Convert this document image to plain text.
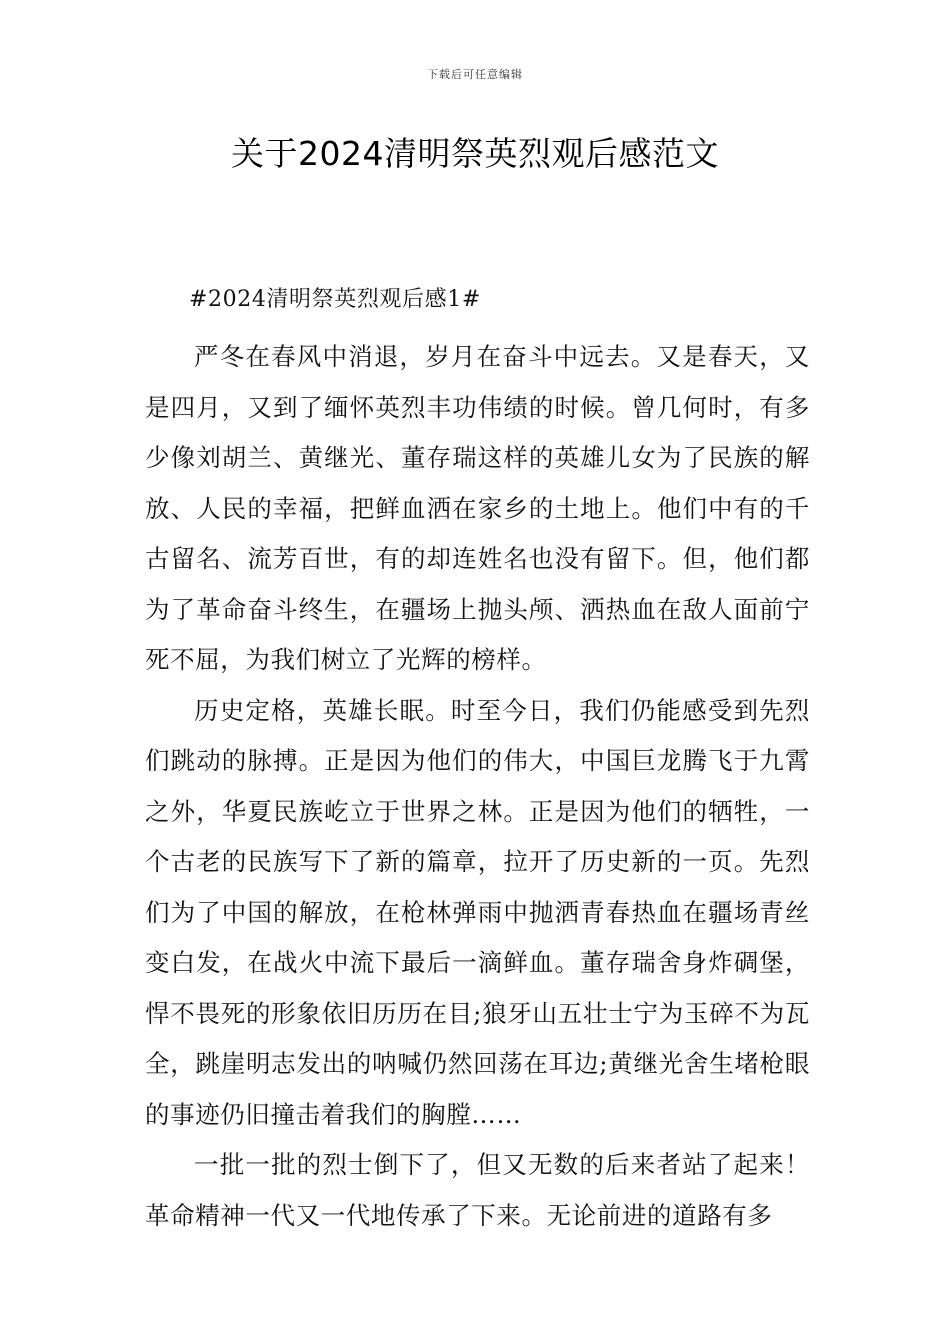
下载后可任意编辑
关于2024清明祭英烈观后感范文
#2024清明祭英烈观后感1#

严冬在春风中消退，岁月在奋斗中远去。又是春天，又是四月，又到了缅怀英烈丰功伟绩的时候。曾几何时，有多少像刘胡兰、黄继光、董存瑞这样的英雄儿女为了民族的解放、人民的幸福，把鲜血洒在家乡的土地上。他们中有的千古留名、流芳百世，有的却连姓名也没有留下。但，他们都为了革命奋斗终生，在疆场上抛头颅、洒热血在敌人面前宁死不屈，为我们树立了光辉的榜样。

历史定格，英雄长眠。时至今日，我们仍能感受到先烈们跳动的脉搏。正是因为他们的伟大，中国巨龙腾飞于九霄之外，华夏民族屹立于世界之林。正是因为他们的牺牲，一个古老的民族写下了新的篇章，拉开了历史新的一页。先烈们为了中国的解放，在枪林弹雨中抛洒青春热血在疆场青丝变白发，在战火中流下最后一滴鲜血。董存瑞舍身炸碉堡，悍不畏死的形象依旧历历在目;狼牙山五壮士宁为玉碎不为瓦全，跳崖明志发出的呐喊仍然回荡在耳边;黄继光舍生堵枪眼的事迹仍旧撞击着我们的胸膛……

一批一批的烈士倒下了，但又无数的后来者站了起来！革命精神一代又一代地传承了下来。无论前进的道路有多
